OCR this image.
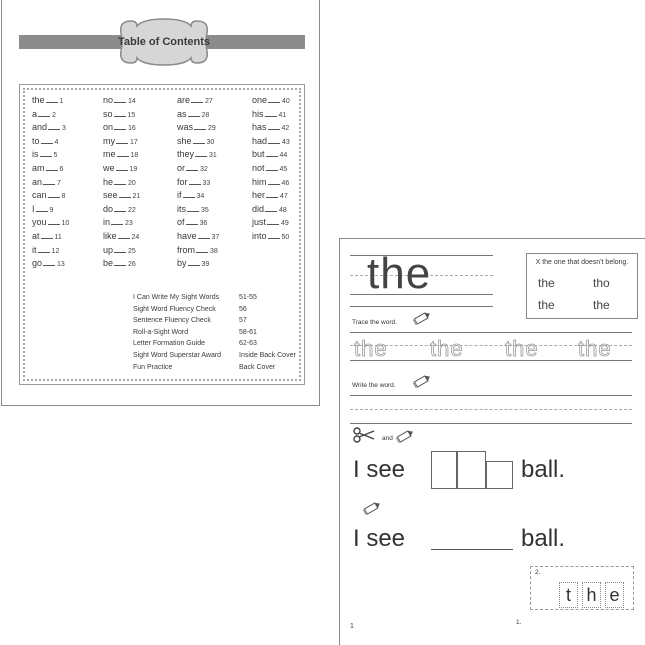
Table of Contents
the 1
a 2
and 3
to 4
is 5
am 6
an 7
can 8
I 9
you 10
at 11
it 12
go 13
no 14
so 15
on 16
my 17
me 18
we 19
he 20
see 21
do 22
in 23
like 24
up 25
be 26
are 27
as 28
was 29
she 30
they 31
or 32
for 33
if 34
its 35
of 36
have 37
from 38
by 39
one 40
his 41
has 42
had 43
but 44
not 45
him 46
her 47
did 48
just 49
into 50
I Can Write My Sight Words	51-55
Sight Word Fluency Check	56
Sentence Fluency Check	57
Roll-a-Sight Word	58-61
Letter Formation Guide	62-63
Sight Word Superstar Award	Inside Back Cover
Fun Practice	Back Cover
the	X the one that doesn't belong.
the	tho
the	the
Trace the word.
the the the the
Write the word.
and
I see	ball.
I see	ball.
2.
t h e
1.
1
